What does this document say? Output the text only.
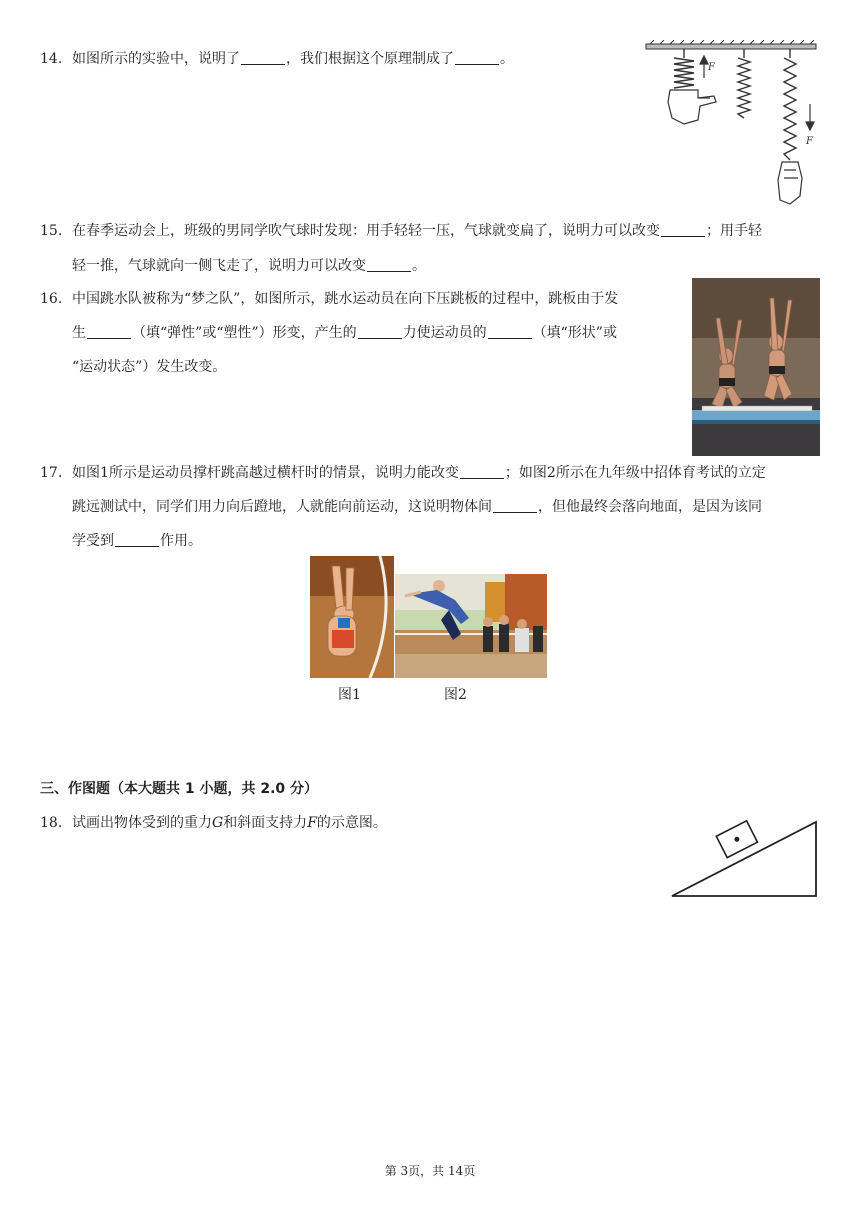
14. 如图所示的实验中，说明了	，我们根据这个原理制成了	。
F
F
15. 在春季运动会上，班级的男同学吹气球时发现：用手轻轻一压，气球就变扁了，说明力可以改变	；用手轻
轻一推，气球就向一侧飞走了，说明力可以改变	。
16. 中国跳水队被称为“梦之队”，如图所示，跳水运动员在向下压跳板的过程中，跳板由于发
生	（填“弹性”或“塑性”）形变，产生的	力使运动员的	（填“形状”或
“运动状态”）发生改变。
17. 如图1所示是运动员撑杆跳高越过横杆时的情景，说明力能改变	；如图2所示在九年级中招体育考试的立定
跳远测试中，同学们用力向后蹬地，人就能向前运动，这说明物体间	，但他最终会落向地面，是因为该同
学受到	作用。
图1	图2
三、作图题（本大题共 1 小题，共 2.0 分）
18. 试画出物体受到的重力G和斜面支持力F的示意图。
第 3页，共 14页
